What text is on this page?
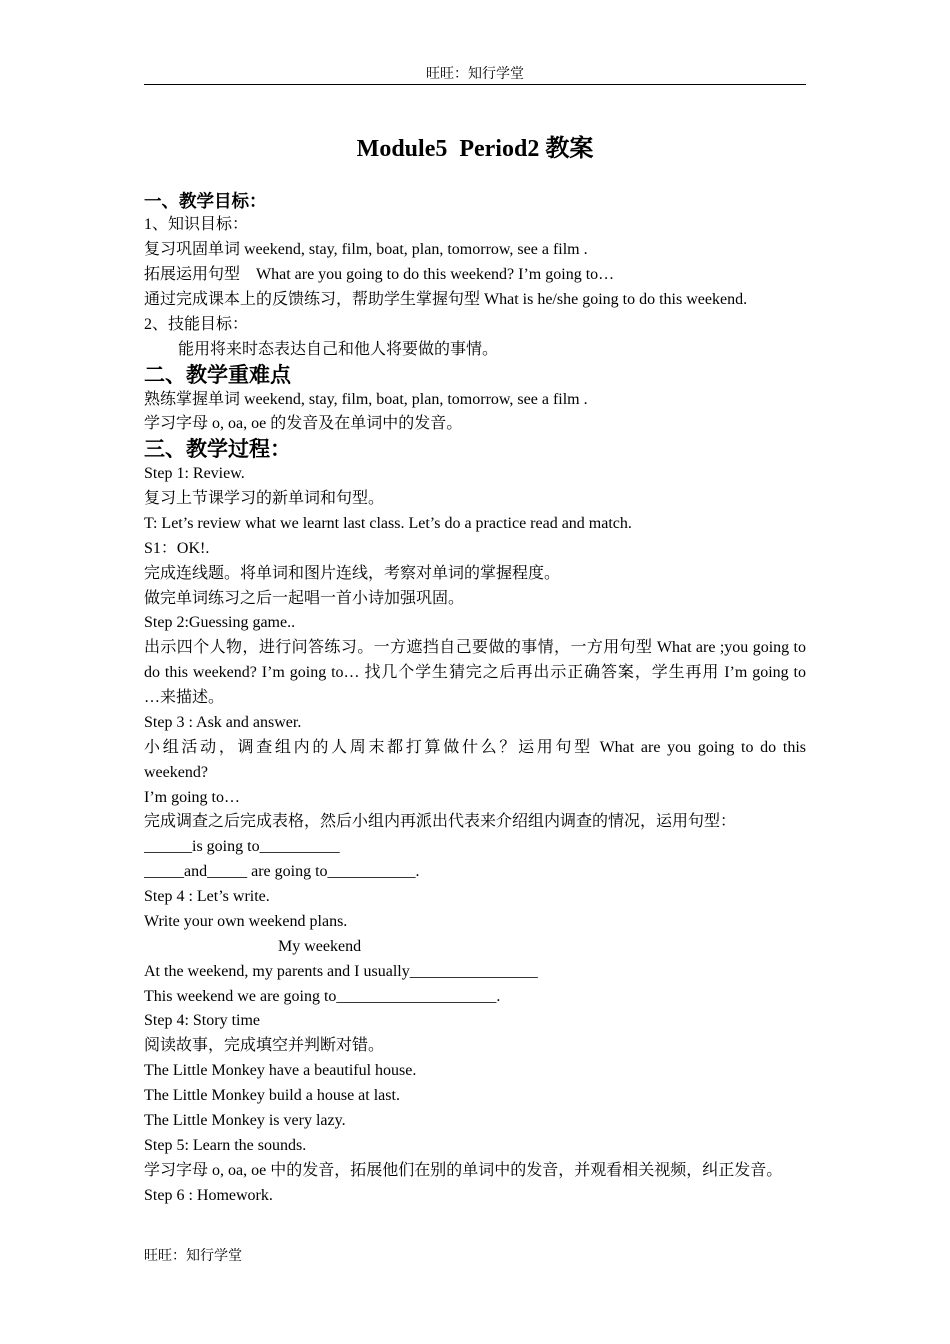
旺旺：知行学堂
Module5  Period2 教案
一、教学目标：
1、知识目标：
复习巩固单词 weekend, stay, film, boat, plan, tomorrow, see a film .
拓展运用句型    What are you going to do this weekend? I’m going to…
通过完成课本上的反馈练习，帮助学生掌握句型 What is he/she going to do this weekend.
2、技能目标：
能用将来时态表达自己和他人将要做的事情。
二、教学重难点
熟练掌握单词 weekend, stay, film, boat, plan, tomorrow, see a film .
学习字母 o, oa, oe 的发音及在单词中的发音。
三、教学过程：
Step 1: Review.
复习上节课学习的新单词和句型。
T: Let’s review what we learnt last class. Let’s do a practice read and match.
S1：OK!.
完成连线题。将单词和图片连线，考察对单词的掌握程度。
做完单词练习之后一起唱一首小诗加强巩固。
Step 2:Guessing game..
出示四个人物，进行问答练习。一方遮挡自己要做的事情，一方用句型 What are ;you going to
do this weekend? I’m going to… 找几个学生猜完之后再出示正确答案，学生再用 I’m going to
…来描述。
Step 3 : Ask and answer.
小组活动，调查组内的人周末都打算做什么？运用句型 What are you going to do this
weekend?
I’m going to…
完成调查之后完成表格，然后小组内再派出代表来介绍组内调查的情况，运用句型：
______is going to__________
_____and_____ are going to___________.
Step 4 : Let’s write.
Write your own weekend plans.
My weekend
At the weekend, my parents and I usually________________
This weekend we are going to____________________.
Step 4: Story time
阅读故事，完成填空并判断对错。
The Little Monkey have a beautiful house.
The Little Monkey build a house at last.
The Little Monkey is very lazy.
Step 5: Learn the sounds.
学习字母 o, oa, oe 中的发音，拓展他们在别的单词中的发音，并观看相关视频，纠正发音。
Step 6 : Homework.
旺旺：知行学堂
